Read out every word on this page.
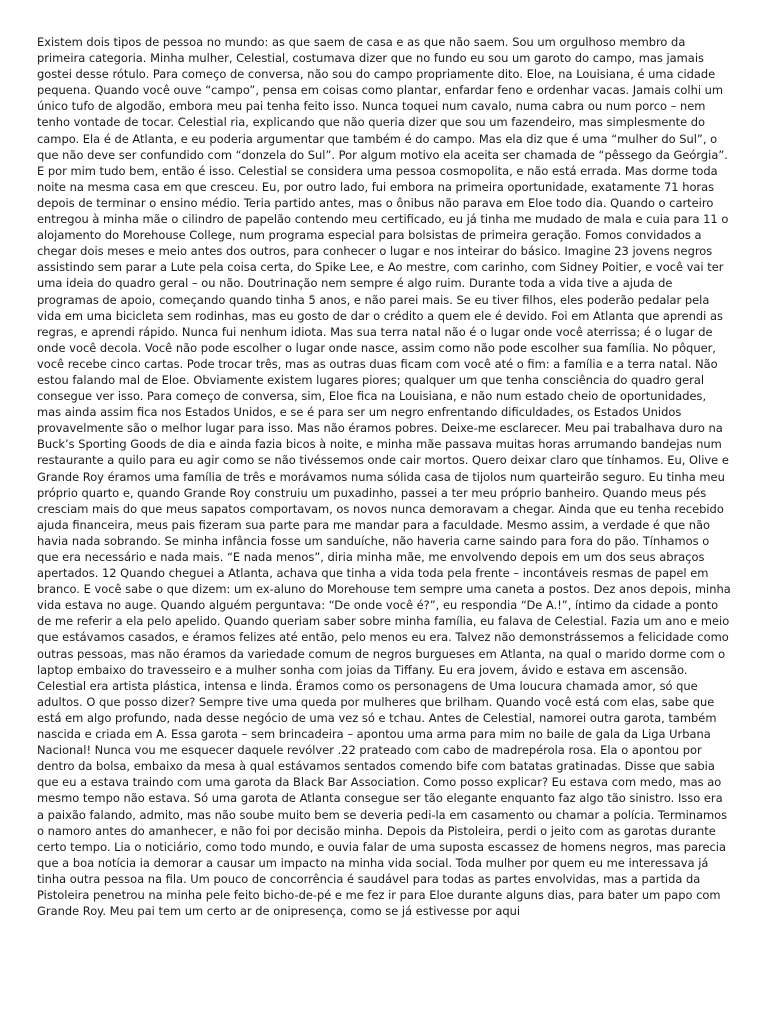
Existem dois tipos de pessoa no mundo: as que saem de casa e as que não saem. Sou um orgulhoso membro da primeira categoria. Minha mulher, Celestial, costumava dizer que no fundo eu sou um garoto do campo, mas jamais gostei desse rótulo. Para começo de conversa, não sou do campo propriamente dito. Eloe, na Louisiana, é uma cidade pequena. Quando você ouve “campo”, pensa em coisas como plantar, enfardar feno e ordenhar vacas. Jamais colhi um único tufo de algodão, embora meu pai tenha feito isso. Nunca toquei num cavalo, numa cabra ou num porco – nem tenho vontade de tocar. Celestial ria, explicando que não queria dizer que sou um fazendeiro, mas simplesmente do campo. Ela é de Atlanta, e eu poderia argumentar que também é do campo. Mas ela diz que é uma “mulher do Sul”, o que não deve ser confundido com “donzela do Sul”. Por algum motivo ela aceita ser chamada de “pêssego da Geórgia”. E por mim tudo bem, então é isso. Celestial se considera uma pessoa cosmopolita, e não está errada. Mas dorme toda noite na mesma casa em que cresceu. Eu, por outro lado, fui embora na primeira oportunidade, exatamente 71 horas depois de terminar o ensino médio. Teria partido antes, mas o ônibus não parava em Eloe todo dia. Quando o carteiro entregou à minha mãe o cilindro de papelão contendo meu certificado, eu já tinha me mudado de mala e cuia para 11 o alojamento do Morehouse College, num programa especial para bolsistas de primeira geração. Fomos convidados a chegar dois meses e meio antes dos outros, para conhecer o lugar e nos inteirar do básico. Imagine 23 jovens negros assistindo sem parar a Lute pela coisa certa, do Spike Lee, e Ao mestre, com carinho, com Sidney Poitier, e você vai ter uma ideia do quadro geral – ou não. Doutrinação nem sempre é algo ruim. Durante toda a vida tive a ajuda de programas de apoio, começando quando tinha 5 anos, e não parei mais. Se eu tiver filhos, eles poderão pedalar pela vida em uma bicicleta sem rodinhas, mas eu gosto de dar o crédito a quem ele é devido. Foi em Atlanta que aprendi as regras, e aprendi rápido. Nunca fui nenhum idiota. Mas sua terra natal não é o lugar onde você aterrissa; é o lugar de onde você decola. Você não pode escolher o lugar onde nasce, assim como não pode escolher sua família. No pôquer, você recebe cinco cartas. Pode trocar três, mas as outras duas ficam com você até o fim: a família e a terra natal. Não estou falando mal de Eloe. Obviamente existem lugares piores; qualquer um que tenha consciência do quadro geral consegue ver isso. Para começo de conversa, sim, Eloe fica na Louisiana, e não num estado cheio de oportunidades, mas ainda assim fica nos Estados Unidos, e se é para ser um negro enfrentando dificuldades, os Estados Unidos provavelmente são o melhor lugar para isso. Mas não éramos pobres. Deixe-me esclarecer. Meu pai trabalhava duro na Buck’s Sporting Goods de dia e ainda fazia bicos à noite, e minha mãe passava muitas horas arrumando bandejas num restaurante a quilo para eu agir como se não tivéssemos onde cair mortos. Quero deixar claro que tínhamos. Eu, Olive e Grande Roy éramos uma família de três e morávamos numa sólida casa de tijolos num quarteirão seguro. Eu tinha meu próprio quarto e, quando Grande Roy construiu um puxadinho, passei a ter meu próprio banheiro. Quando meus pés cresciam mais do que meus sapatos comportavam, os novos nunca demoravam a chegar. Ainda que eu tenha recebido ajuda financeira, meus pais fizeram sua parte para me mandar para a faculdade. Mesmo assim, a verdade é que não havia nada sobrando. Se minha infância fosse um sanduíche, não haveria carne saindo para fora do pão. Tínhamos o que era necessário e nada mais. “E nada menos”, diria minha mãe, me envolvendo depois em um dos seus abraços apertados. 12 Quando cheguei a Atlanta, achava que tinha a vida toda pela frente – incontáveis resmas de papel em branco. E você sabe o que dizem: um ex-aluno do Morehouse tem sempre uma caneta a postos. Dez anos depois, minha vida estava no auge. Quando alguém perguntava: “De onde você é?”, eu respondia “De A.!”, íntimo da cidade a ponto de me referir a ela pelo apelido. Quando queriam saber sobre minha família, eu falava de Celestial. Fazia um ano e meio que estávamos casados, e éramos felizes até então, pelo menos eu era. Talvez não demonstrássemos a felicidade como outras pessoas, mas não éramos da variedade comum de negros burgueses em Atlanta, na qual o marido dorme com o laptop embaixo do travesseiro e a mulher sonha com joias da Tiffany. Eu era jovem, ávido e estava em ascensão. Celestial era artista plástica, intensa e linda. Éramos como os personagens de Uma loucura chamada amor, só que adultos. O que posso dizer? Sempre tive uma queda por mulheres que brilham. Quando você está com elas, sabe que está em algo profundo, nada desse negócio de uma vez só e tchau. Antes de Celestial, namorei outra garota, também nascida e criada em A. Essa garota – sem brincadeira – apontou uma arma para mim no baile de gala da Liga Urbana Nacional! Nunca vou me esquecer daquele revólver .22 prateado com cabo de madrepérola rosa. Ela o apontou por dentro da bolsa, embaixo da mesa à qual estávamos sentados comendo bife com batatas gratinadas. Disse que sabia que eu a estava traindo com uma garota da Black Bar Association. Como posso explicar? Eu estava com medo, mas ao mesmo tempo não estava. Só uma garota de Atlanta consegue ser tão elegante enquanto faz algo tão sinistro. Isso era a paixão falando, admito, mas não soube muito bem se deveria pedi-la em casamento ou chamar a polícia. Terminamos o namoro antes do amanhecer, e não foi por decisão minha. Depois da Pistoleira, perdi o jeito com as garotas durante certo tempo. Lia o noticiário, como todo mundo, e ouvia falar de uma suposta escassez de homens negros, mas parecia que a boa notícia ia demorar a causar um impacto na minha vida social. Toda mulher por quem eu me interessava já tinha outra pessoa na fila. Um pouco de concorrência é saudável para todas as partes envolvidas, mas a partida da Pistoleira penetrou na minha pele feito bicho-de-pé e me fez ir para Eloe durante alguns dias, para bater um papo com Grande Roy. Meu pai tem um certo ar de onipresença, como se já estivesse por aqui
